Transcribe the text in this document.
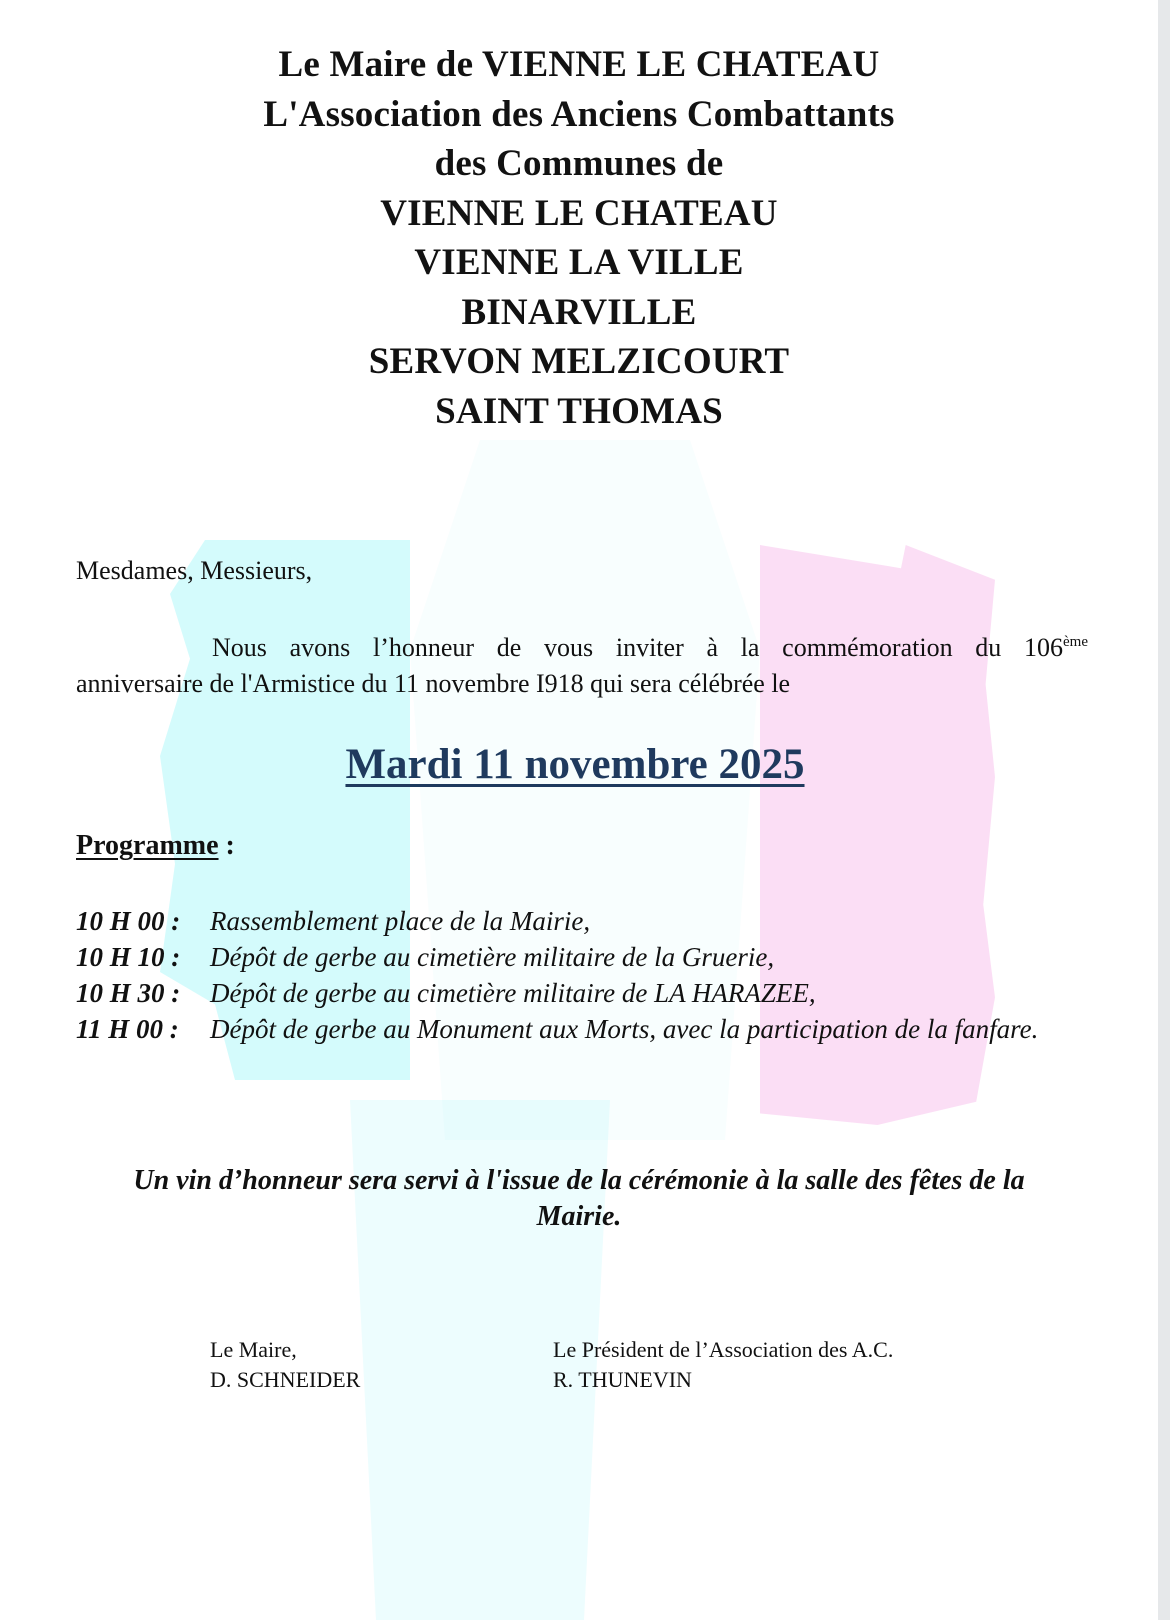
Le Maire de VIENNE LE CHATEAU
L'Association des Anciens Combattants
des Communes de
VIENNE LE CHATEAU
VIENNE LA VILLE
BINARVILLE
SERVON MELZICOURT
SAINT THOMAS
Mesdames, Messieurs,
Nous avons l’honneur de vous inviter à la commémoration du 106ème
anniversaire de l'Armistice du 11 novembre I918 qui sera célébrée le
Mardi 11 novembre 2025
Programme :
10 H 00 :	Rassemblement place de la Mairie,
10 H 10 :	Dépôt de gerbe au cimetière militaire de la Gruerie,
10 H 30 :	Dépôt de gerbe au cimetière militaire de LA HARAZEE,
11 H 00 :	Dépôt de gerbe au Monument aux Morts, avec la participation de la fanfare.
Un vin d’honneur sera servi à l'issue de la cérémonie à la salle des fêtes de la
Mairie.
Le Maire,
D. SCHNEIDER
Le Président de l’Association des A.C.
R. THUNEVIN
